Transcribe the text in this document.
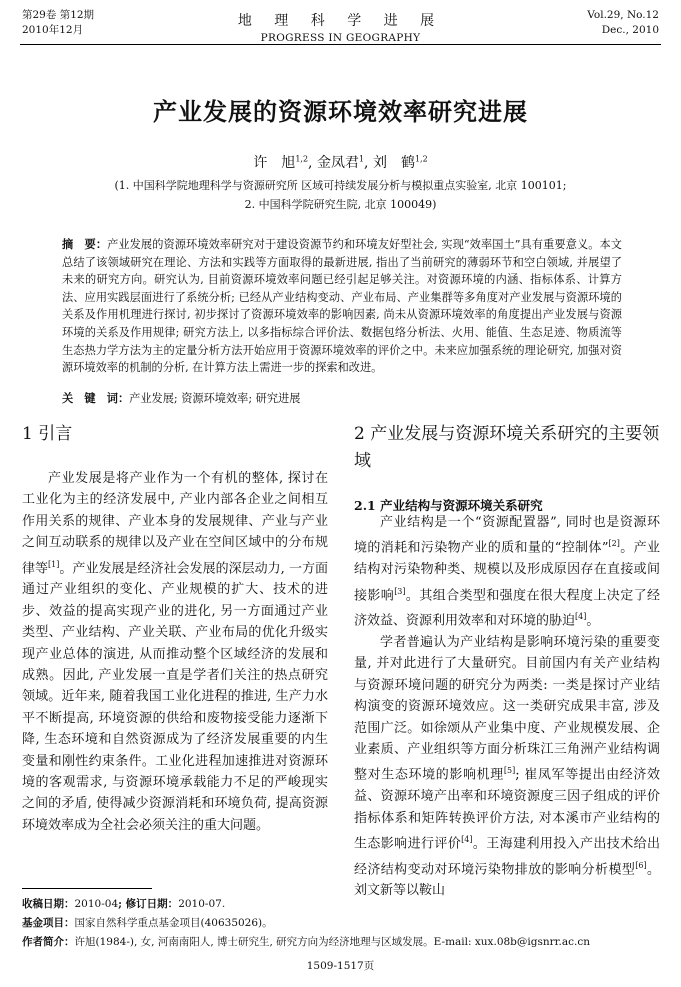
第29卷 第12期
2010年12月
地 理 科 学 进 展
PROGRESS IN GEOGRAPHY
Vol.29, No.12
Dec., 2010
产业发展的资源环境效率研究进展
许　旭$^{1,2}$, 金凤君$^1$, 刘　鹤$^{1,2}$
(1. 中国科学院地理科学与资源研究所 区域可持续发展分析与模拟重点实验室, 北京 100101;
2. 中国科学院研究生院, 北京 100049)
摘　要：产业发展的资源环境效率研究对于建设资源节约和环境友好型社会, 实现“效率国土”具有重要意义。本文总结了该领域研究在理论、方法和实践等方面取得的最新进展, 指出了当前研究的薄弱环节和空白领域, 并展望了未来的研究方向。研究认为, 目前资源环境效率问题已经引起足够关注。对资源环境的内涵、指标体系、计算方法、应用实践层面进行了系统分析; 已经从产业结构变动、产业布局、产业集群等多角度对产业发展与资源环境的关系及作用机理进行探讨, 初步探讨了资源环境效率的影响因素, 尚未从资源环境效率的角度提出产业发展与资源环境的关系及作用规律; 研究方法上, 以多指标综合评价法、数据包络分析法、火用、能值、生态足迹、物质流等生态热力学方法为主的定量分析方法开始应用于资源环境效率的评价之中。未来应加强系统的理论研究, 加强对资源环境效率的机制的分析, 在计算方法上需进一步的探索和改进。
关　键　词：产业发展; 资源环境效率; 研究进展
1 引言	2 产业发展与资源环境关系研究的主要领域
2.1 产业结构与资源环境关系研究

产业发展是将产业作为一个有机的整体, 探讨在工业化为主的经济发展中, 产业内部各企业之间相互作用关系的规律、产业本身的发展规律、产业与产业之间互动联系的规律以及产业在空间区域中的分布规律等[1]。产业发展是经济社会发展的深层动力, 一方面通过产业组织的变化、产业规模的扩大、技术的进步、效益的提高实现产业的进化, 另一方面通过产业类型、产业结构、产业关联、产业布局的优化升级实现产业总体的演进, 从而推动整个区域经济的发展和成熟。因此, 产业发展一直是学者们关注的热点研究领域。近年来, 随着我国工业化进程的推进, 生产力水平不断提高, 环境资源的供给和废物接受能力逐渐下降, 生态环境和自然资源成为了经济发展重要的内生变量和刚性约束条件。工业化进程加速推进对资源环境的客观需求, 与资源环境承载能力不足的严峻现实之间的矛盾, 使得减少资源消耗和环境负荷, 提高资源环境效率成为全社会必须关注的重大问题。

产业结构是一个“资源配置器”, 同时也是资源环境的消耗和污染物产业的质和量的“控制体”[2]。产业结构对污染物种类、规模以及形成原因存在直接或间接影响[3]。其组合类型和强度在很大程度上决定了经济效益、资源利用效率和对环境的胁迫[4]。

学者普遍认为产业结构是影响环境污染的重要变量, 并对此进行了大量研究。目前国内有关产业结构与资源环境问题的研究分为两类: 一类是探讨产业结构演变的资源环境效应。这一类研究成果丰富, 涉及范围广泛。如徐颂从产业集中度、产业规模发展、企业素质、产业组织等方面分析珠江三角洲产业结构调整对生态环境的影响机理[5]; 崔凤军等提出由经济效益、资源环境产出率和环境资源度三因子组成的评价指标体系和矩阵转换评价方法, 对本溪市产业结构的生态影响进行评价[4]。王海建利用投入产出技术给出经济结构变动对环境污染物排放的影响分析模型[6]。刘文新等以鞍山

收稿日期：2010-04; 修订日期：2010-07.
基金项目：国家自然科学重点基金项目(40635026)。
作者简介：许旭(1984-), 女, 河南南阳人, 博士研究生, 研究方向为经济地理与区域发展。E-mail: xux.08b@igsnrr.ac.cn
1509-1517页
